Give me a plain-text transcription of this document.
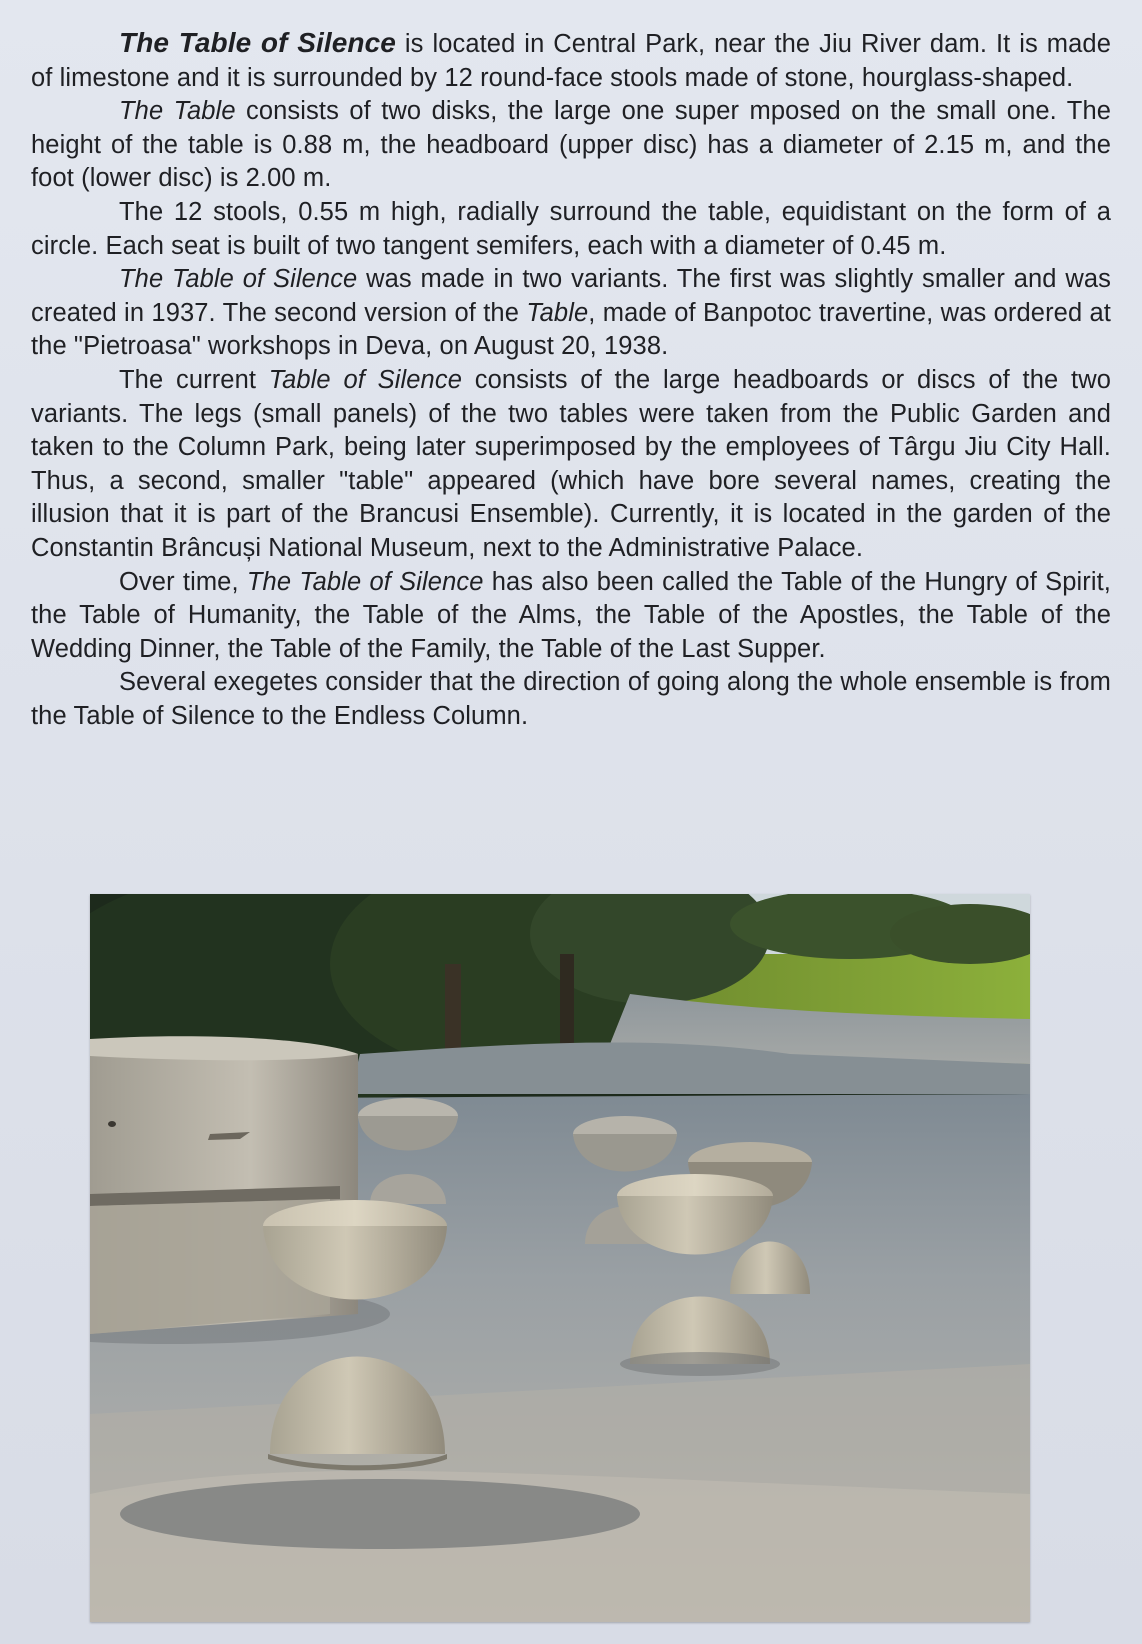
The Table of Silence is located in Central Park, near the Jiu River dam. It is made of limestone and it is surrounded by 12 round-face stools made of stone, hourglass-shaped.

The Table consists of two disks, the large one super mposed on the small one. The height of the table is 0.88 m, the headboard (upper disc) has a diameter of 2.15 m, and the foot (lower disc) is 2.00 m.

The 12 stools, 0.55 m high, radially surround the table, equidistant on the form of a circle. Each seat is built of two tangent semifers, each with a diameter of 0.45 m.

The Table of Silence was made in two variants. The first was slightly smaller and was created in 1937. The second version of the Table, made of Banpotoc travertine, was ordered at the "Pietroasa" workshops in Deva, on August 20, 1938.

The current Table of Silence consists of the large headboards or discs of the two variants. The legs (small panels) of the two tables were taken from the Public Garden and taken to the Column Park, being later superimposed by the employees of Târgu Jiu City Hall. Thus, a second, smaller "table" appeared (which have bore several names, creating the illusion that it is part of the Brancusi Ensemble). Currently, it is located in the garden of the Constantin Brâncuși National Museum, next to the Administrative Palace.

Over time, The Table of Silence has also been called the Table of the Hungry of Spirit, the Table of Humanity, the Table of the Alms, the Table of the Apostles, the Table of the Wedding Dinner, the Table of the Family, the Table of the Last Supper.

Several exegetes consider that the direction of going along the whole ensemble is from the Table of Silence to the Endless Column.
